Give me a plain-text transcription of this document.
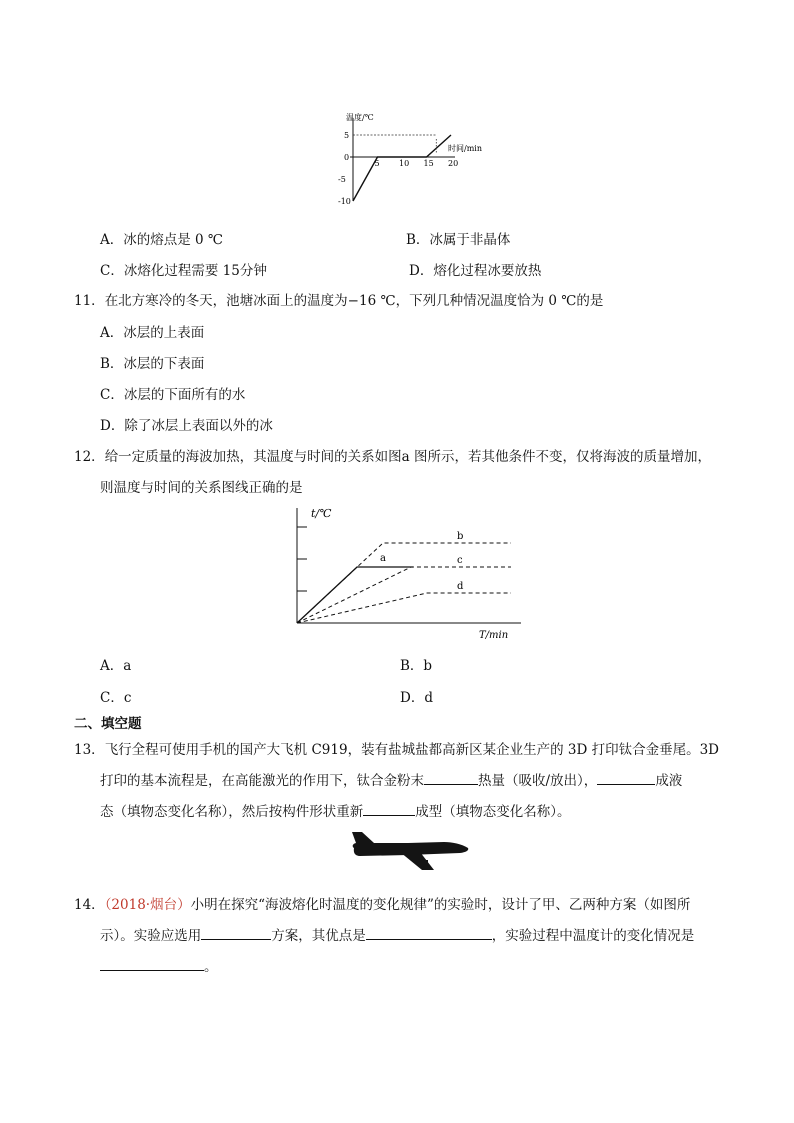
温度/℃
5
0
-5
-10
5 10 15 20
时间/min
A．冰的熔点是 0 ℃	B．冰属于非晶体
C．冰熔化过程需要 15分钟	D．熔化过程冰要放热
11．在北方寒冷的冬天，池塘冰面上的温度为−16 ℃，下列几种情况温度恰为 0 ℃的是
A．冰层的上表面
B．冰层的下表面
C．冰层的下面所有的水
D．除了冰层上表面以外的冰
12．给一定质量的海波加热，其温度与时间的关系如图a 图所示，若其他条件不变，仅将海波的质量增加，
则温度与时间的关系图线正确的是
t/℃
b
a	c
d
T/min
A．a	B．b
C．c	D．d
二、填空题
13．飞行全程可使用手机的国产大飞机 C919，装有盐城盐都高新区某企业生产的 3D 打印钛合金垂尾。3D
打印的基本流程是，在高能激光的作用下，钛合金粉末	热量（吸收/放出），	成液
态（填物态变化名称），然后按构件形状重新	成型（填物态变化名称）。
14．（2018·烟台）小明在探究“海波熔化时温度的变化规律”的实验时，设计了甲、乙两种方案（如图所
示）。实验应选用	方案，其优点是	，实验过程中温度计的变化情况是
。
